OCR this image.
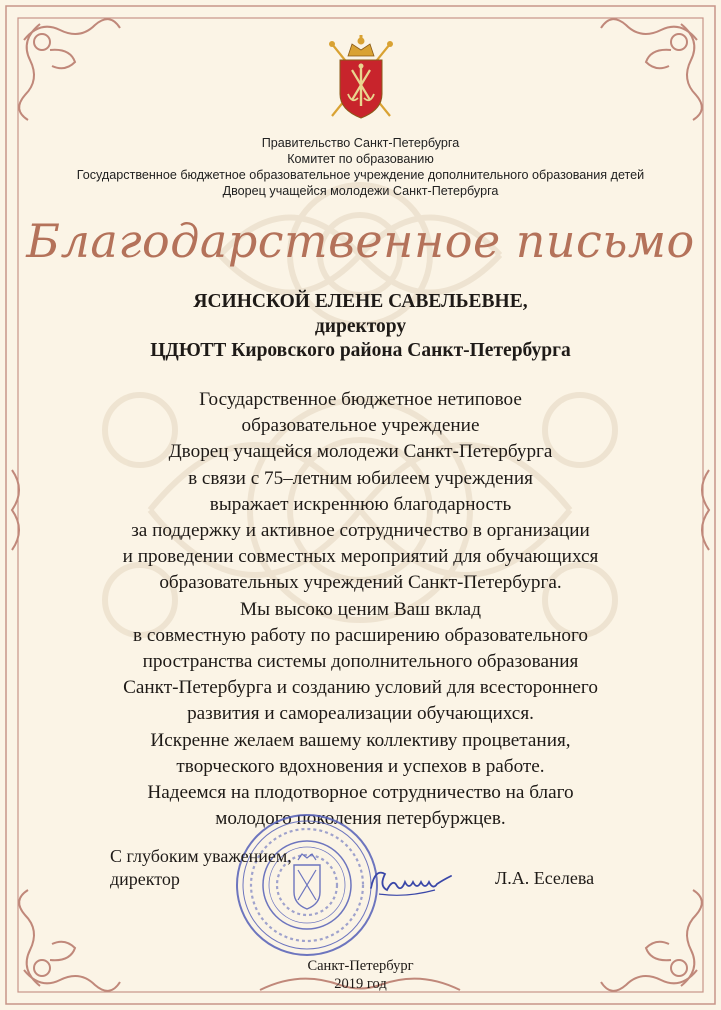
Правительство Санкт-Петербурга
Комитет по образованию
Государственное бюджетное образовательное учреждение дополнительного образования детей
Дворец учащейся молодежи Санкт-Петербурга
Благодарственное письмо
ЯСИНСКОЙ ЕЛЕНЕ САВЕЛЬЕВНЕ,
директору
ЦДЮТТ Кировского района Санкт-Петербурга
Государственное бюджетное нетиповое
образовательное учреждение
Дворец учащейся молодежи Санкт-Петербурга
в связи с 75–летним юбилеем учреждения
выражает искреннюю благодарность
за поддержку и активное сотрудничество в организации
и проведении совместных мероприятий для обучающихся
образовательных учреждений Санкт-Петербурга.
Мы высоко ценим Ваш вклад
в совместную работу по расширению образовательного
пространства системы дополнительного образования
Санкт-Петербурга и созданию условий для всестороннего
развития и самореализации обучающихся.
Искренне желаем вашему коллективу процветания,
творческого вдохновения и успехов в работе.
Надеемся на плодотворное сотрудничество на благо
молодого поколения петербуржцев.
С глубоким уважением,
директор	Л.А. Еселева
Санкт-Петербург
2019 год
